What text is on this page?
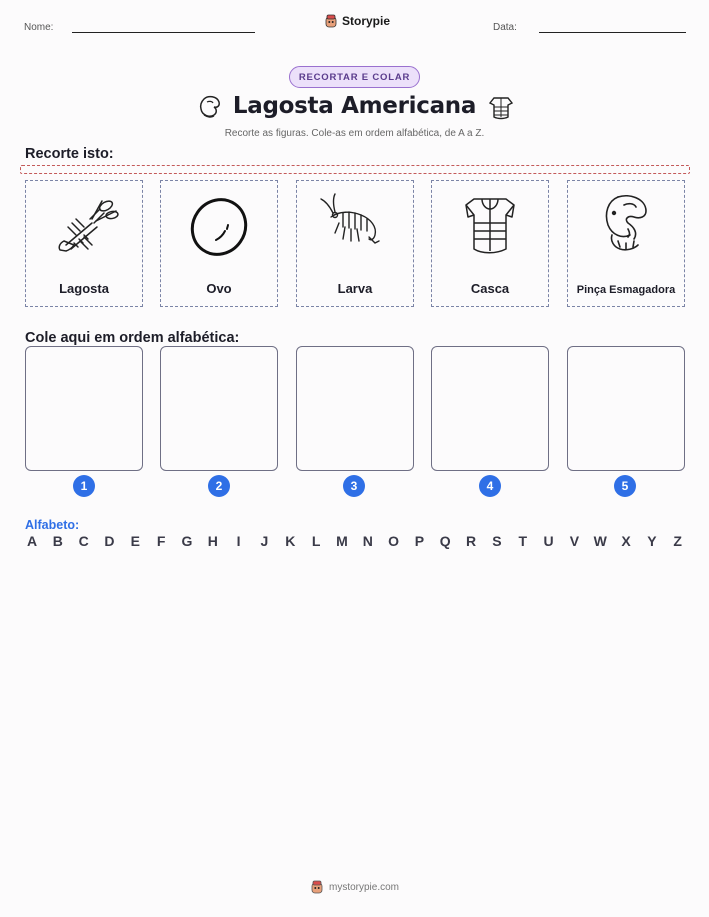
Nome:	Storypie	Data:
RECORTAR E COLAR
Lagosta Americana
Recorte as figuras. Cole-as em ordem alfabética, de A a Z.
Recorte isto:
Lagosta	Ovo	Larva	Casca	Pinça Esmagadora
Cole aqui em ordem alfabética:
1	2	3	4	5
Alfabeto:
A B C D E F G H	I	J K L M N O P Q R S T U V W X Y Z
mystorypie.com
